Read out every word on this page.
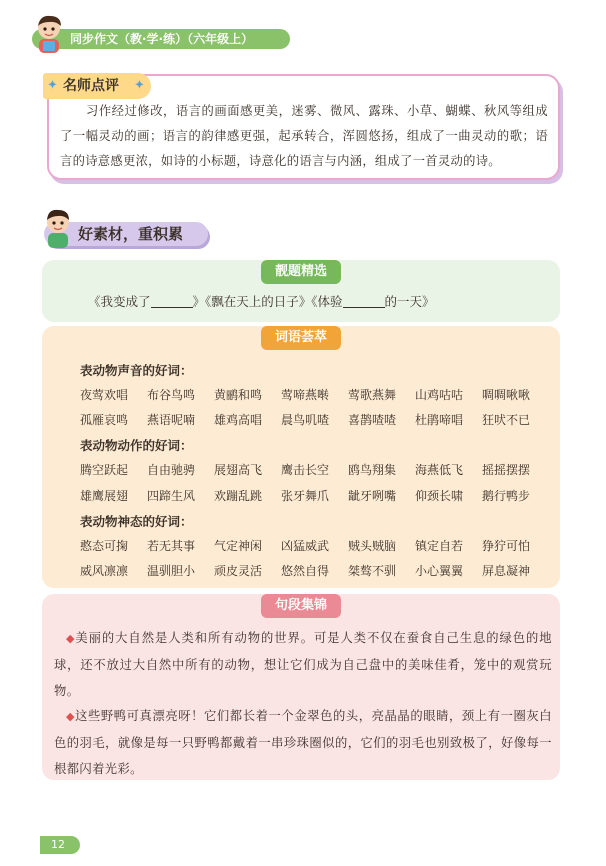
同步作文（教·学·练）（六年级上）
✦	✦
名师点评

习作经过修改，语言的画面感更美，迷雾、微风、露珠、小草、蝴蝶、秋风等组成了一幅灵动的画；语言的韵律感更强，起承转合，浑圆悠扬，组成了一曲灵动的歌；语言的诗意感更浓，如诗的小标题，诗意化的语言与内涵，组成了一首灵动的诗。

好素材，重积累
靓题精选
《我变成了	》《飘在天上的日子》《体验	的一天》
词语荟萃
表动物声音的好词：
夜莺欢唱	布谷鸟鸣	黄鹂和鸣	莺啼燕啭	莺歌燕舞	山鸡咕咕	啁啁啾啾
孤雁哀鸣	燕语呢喃	雄鸡高唱	晨鸟叽喳	喜鹊喳喳	杜鹃啼唱	狂吠不已
表动物动作的好词：
腾空跃起	自由驰骋	展翅高飞	鹰击长空	鸥鸟翔集	海燕低飞	摇摇摆摆
雄鹰展翅	四蹄生风	欢蹦乱跳	张牙舞爪	龇牙咧嘴	仰颈长啸	鹅行鸭步
表动物神态的好词：
憨态可掬	若无其事	气定神闲	凶猛威武	贼头贼脑	镇定自若	狰狞可怕
威风凛凛	温驯胆小	顽皮灵活	悠然自得	桀骜不驯	小心翼翼	屏息凝神
句段集锦

◆美丽的大自然是人类和所有动物的世界。可是人类不仅在蚕食自己生息的绿色的地球，还不放过大自然中所有的动物，想让它们成为自己盘中的美味佳肴，笼中的观赏玩物。

◆这些野鸭可真漂亮呀！它们都长着一个金翠色的头，亮晶晶的眼睛，颈上有一圈灰白色的羽毛，就像是每一只野鸭都戴着一串珍珠圈似的，它们的羽毛也别致极了，好像每一根都闪着光彩。

12
